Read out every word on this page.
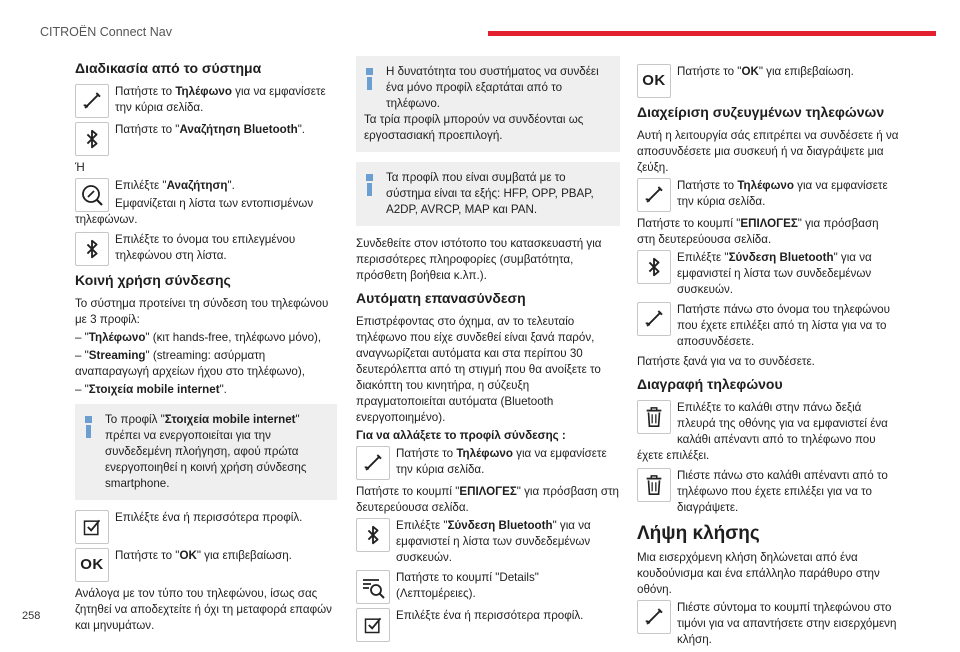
CITROËN Connect Nav
258
Διαδικασία από το σύστημα

Πατήστε το Τηλέφωνο για να εμφανίσετε την κύρια σελίδα.

Πατήστε το "Αναζήτηση Bluetooth".

Ή

Επιλέξτε "Αναζήτηση".

Εμφανίζεται η λίστα των εντοπισμένων τηλεφώνων.

Επιλέξτε το όνομα του επιλεγμένου τηλεφώνου στη λίστα.

Κοινή χρήση σύνδεσης

Το σύστημα προτείνει τη σύνδεση του τηλεφώνου με 3 προφίλ:

– "Τηλέφωνο" (κιτ hands-free, τηλέφωνο μόνο),

– "Streaming" (streaming: ασύρματη αναπαραγωγή αρχείων ήχου στο τηλέφωνο),

– "Στοιχεία mobile internet".

Το προφίλ "Στοιχεία mobile internet" πρέπει να ενεργοποιείται για την συνδεδεμένη πλοήγηση, αφού πρώτα ενεργοποιηθεί η κοινή χρήση σύνδεσης smartphone.

Επιλέξτε ένα ή περισσότερα προφίλ.

OK

Πατήστε το "OK" για επιβεβαίωση.

Ανάλογα με τον τύπο του τηλεφώνου, ίσως σας ζητηθεί να αποδεχτείτε ή όχι τη μεταφορά επαφών και μηνυμάτων.

Η δυνατότητα του συστήματος να συνδέει ένα μόνο προφίλ εξαρτάται από το τηλέφωνο.

Τα τρία προφίλ μπορούν να συνδέονται ως εργοστασιακή προεπιλογή.

Τα προφίλ που είναι συμβατά με το σύστημα είναι τα εξής: HFP, OPP, PBAP, A2DP, AVRCP, MAP και PAN.

Συνδεθείτε στον ιστότοπο του κατασκευαστή για περισσότερες πληροφορίες (συμβατότητα, πρόσθετη βοήθεια κ.λπ.).

Αυτόματη επανασύνδεση

Επιστρέφοντας στο όχημα, αν το τελευταίο τηλέφωνο που είχε συνδεθεί είναι ξανά παρόν, αναγνωρίζεται αυτόματα και στα περίπου 30 δευτερόλεπτα από τη στιγμή που θα ανοίξετε το διακόπτη του κινητήρα, η σύζευξη πραγματοποιείται αυτόματα (Bluetooth ενεργοποιημένο).

Για να αλλάξετε το προφίλ σύνδεσης :

Πατήστε το Τηλέφωνο για να εμφανίσετε την κύρια σελίδα.

Πατήστε το κουμπί "ΕΠΙΛΟΓΕΣ" για πρόσβαση στη δευτερεύουσα σελίδα.

Επιλέξτε "Σύνδεση Bluetooth" για να εμφανιστεί η λίστα των συνδεδεμένων συσκευών.

Πατήστε το κουμπί "Details" (Λεπτομέρειες).

Επιλέξτε ένα ή περισσότερα προφίλ.

OK

Πατήστε το "OK" για επιβεβαίωση.

Διαχείριση συζευγμένων τηλεφώνων

Αυτή η λειτουργία σάς επιτρέπει να συνδέσετε ή να αποσυνδέσετε μια συσκευή ή να διαγράψετε μια ζεύξη.

Πατήστε το Τηλέφωνο για να εμφανίσετε την κύρια σελίδα.

Πατήστε το κουμπί "ΕΠΙΛΟΓΕΣ" για πρόσβαση στη δευτερεύουσα σελίδα.

Επιλέξτε "Σύνδεση Bluetooth" για να εμφανιστεί η λίστα των συνδεδεμένων συσκευών.

Πατήστε πάνω στο όνομα του τηλεφώνου που έχετε επιλέξει από τη λίστα για να το αποσυνδέσετε.

Πατήστε ξανά για να το συνδέσετε.

Διαγραφή τηλεφώνου

Επιλέξτε το καλάθι στην πάνω δεξιά πλευρά της οθόνης για να εμφανιστεί ένα καλάθι απέναντι από το τηλέφωνο που έχετε επιλέξει.

Πιέστε πάνω στο καλάθι απέναντι από το τηλέφωνο που έχετε επιλέξει για να το διαγράψετε.

Λήψη κλήσης

Μια εισερχόμενη κλήση δηλώνεται από ένα κουδούνισμα και ένα επάλληλο παράθυρο στην οθόνη.

Πιέστε σύντομα το κουμπί τηλεφώνου στο τιμόνι για να απαντήσετε στην εισερχόμενη κλήση.
